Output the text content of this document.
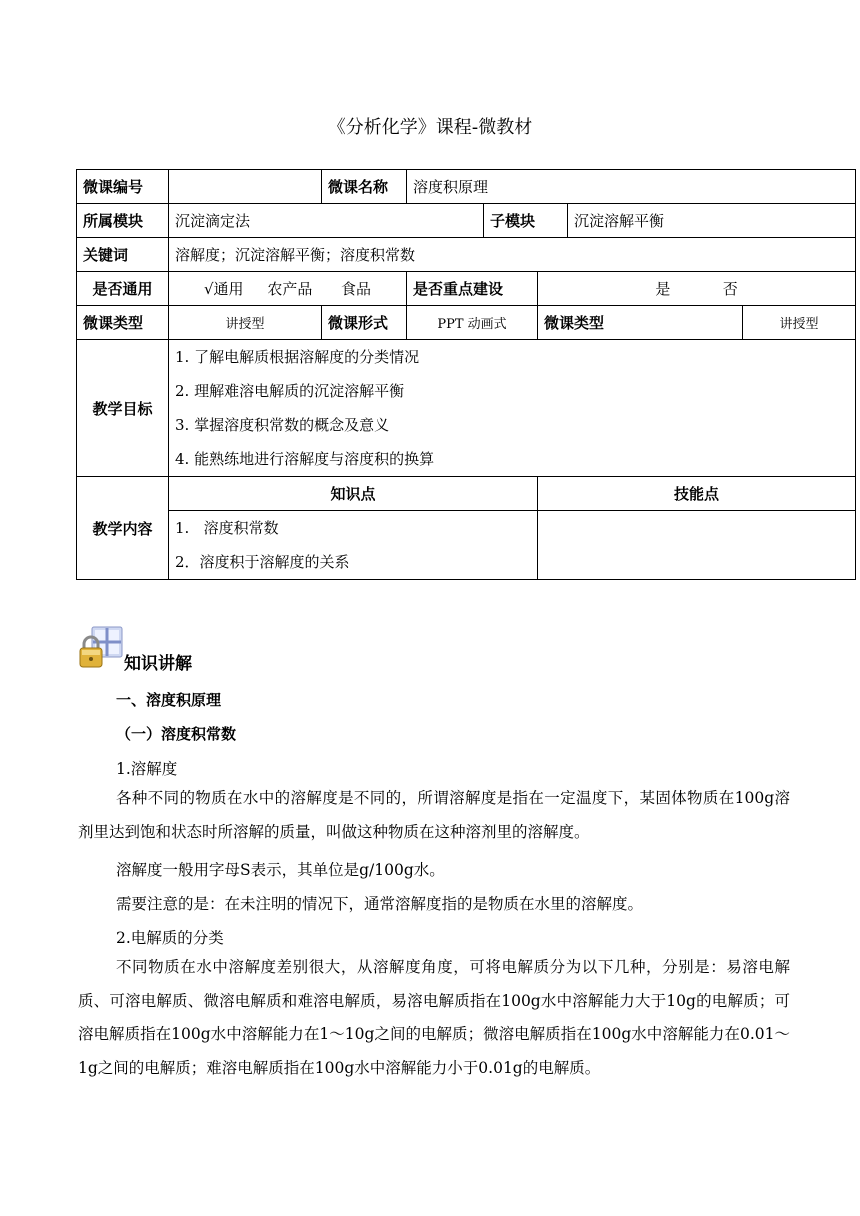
《分析化学》课程-微教材
微课编号		微课名称	溶度积原理				
所属模块	沉淀滴定法			子模块		沉淀溶解平衡	
关键词	溶解度；沉淀溶解平衡；溶度积常数						
是否通用	√通用     农产品      食品		是否重点建设		是           否		
微课类型	讲授型	微课形式	PPT 动画式		微课类型		讲授型
教学目标	1. 了解电解质根据溶解度的分类情况
2. 理解难溶电解质的沉淀溶解平衡
3. 掌握溶度积常数的概念及意义
4. 能熟练地进行溶解度与溶度积的换算						

教学内容	知识点				技能点		

	1.   溶度积常数
2．溶度积于溶解度的关系						

知识讲解
一、溶度积原理
（一）溶度积常数
1.溶解度
各种不同的物质在水中的溶解度是不同的，所谓溶解度是指在一定温度下，某固体物质在100g溶剂里达到饱和状态时所溶解的质量，叫做这种物质在这种溶剂里的溶解度。
溶解度一般用字母S表示，其单位是g/100g水。
需要注意的是：在未注明的情况下，通常溶解度指的是物质在水里的溶解度。
2.电解质的分类
不同物质在水中溶解度差别很大，从溶解度角度，可将电解质分为以下几种，分别是：易溶电解质、可溶电解质、微溶电解质和难溶电解质，易溶电解质指在100g水中溶解能力大于10g的电解质；可溶电解质指在100g水中溶解能力在1～10g之间的电解质；微溶电解质指在100g水中溶解能力在0.01～1g之间的电解质；难溶电解质指在100g水中溶解能力小于0.01g的电解质。
